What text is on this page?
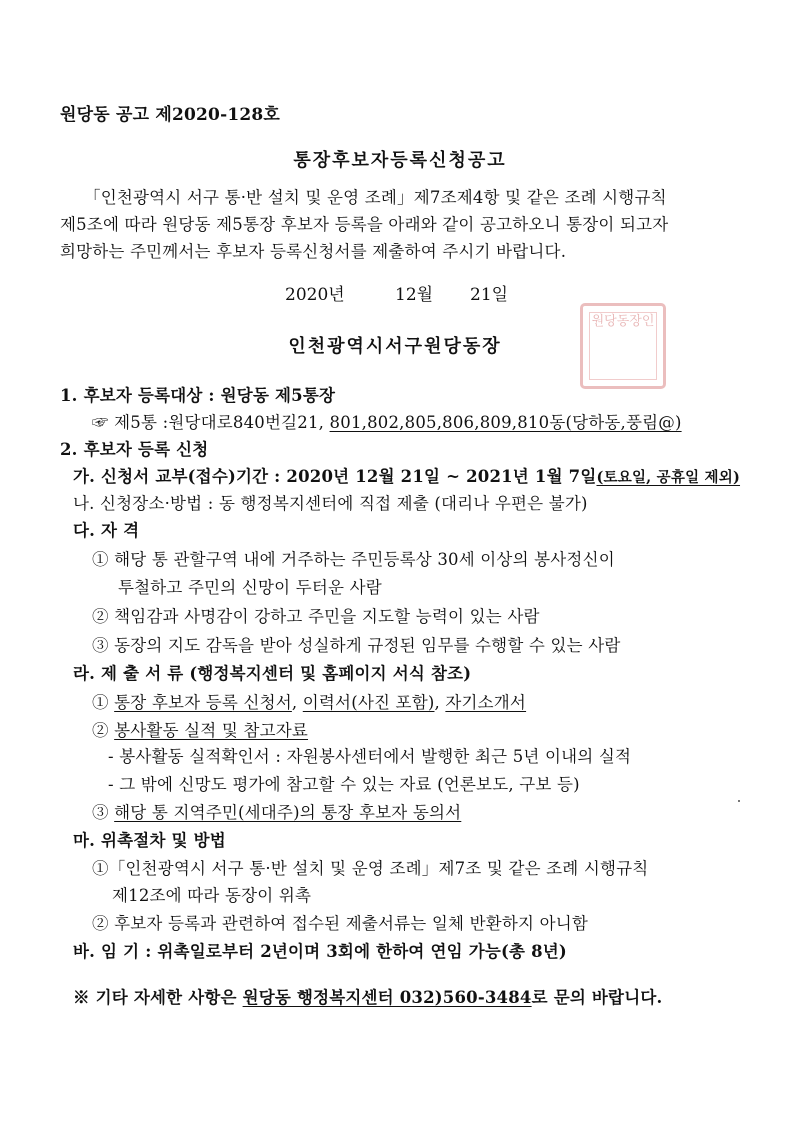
원당동 공고 제2020-128호
통장후보자등록신청공고
「인천광역시 서구 통·반 설치 및 운영 조례」제7조제4항 및 같은 조례 시행규칙
제5조에 따라 원당동 제5통장 후보자 등록을 아래와 같이 공고하오니 통장이 되고자
희망하는 주민께서는 후보자 등록신청서를 제출하여 주시기 바랍니다.
2020년	12월 21일
원당동장인
인천광역시서구원당동장
1. 후보자 등록대상 : 원당동 제5통장
☞ 제5통 :원당대로840번길21, 801,802,805,806,809,810동(당하동,풍림@)
2. 후보자 등록 신청
가. 신청서 교부(접수)기간 : 2020년 12월 21일 ~ 2021년 1월 7일(토요일, 공휴일 제외)
나. 신청장소·방법 : 동 행정복지센터에 직접 제출 (대리나 우편은 불가)
다. 자 격
① 해당 통 관할구역 내에 거주하는 주민등록상 30세 이상의 봉사정신이
투철하고 주민의 신망이 두터운 사람
② 책임감과 사명감이 강하고 주민을 지도할 능력이 있는 사람
③ 동장의 지도 감독을 받아 성실하게 규정된 임무를 수행할 수 있는 사람
라. 제 출 서 류 (행정복지센터 및 홈페이지 서식 참조)
① 통장 후보자 등록 신청서, 이력서(사진 포함), 자기소개서
② 봉사활동 실적 및 참고자료
- 봉사활동 실적확인서 : 자원봉사센터에서 발행한 최근 5년 이내의 실적
- 그 밖에 신망도 평가에 참고할 수 있는 자료 (언론보도, 구보 등)
③ 해당 통 지역주민(세대주)의 통장 후보자 동의서
마. 위촉절차 및 방법
①「인천광역시 서구 통·반 설치 및 운영 조례」제7조 및 같은 조례 시행규칙
제12조에 따라 동장이 위촉
② 후보자 등록과 관련하여 접수된 제출서류는 일체 반환하지 아니함
바. 임 기 : 위촉일로부터 2년이며 3회에 한하여 연임 가능(총 8년)
※ 기타 자세한 사항은 원당동 행정복지센터 032)560-3484로 문의 바랍니다.
